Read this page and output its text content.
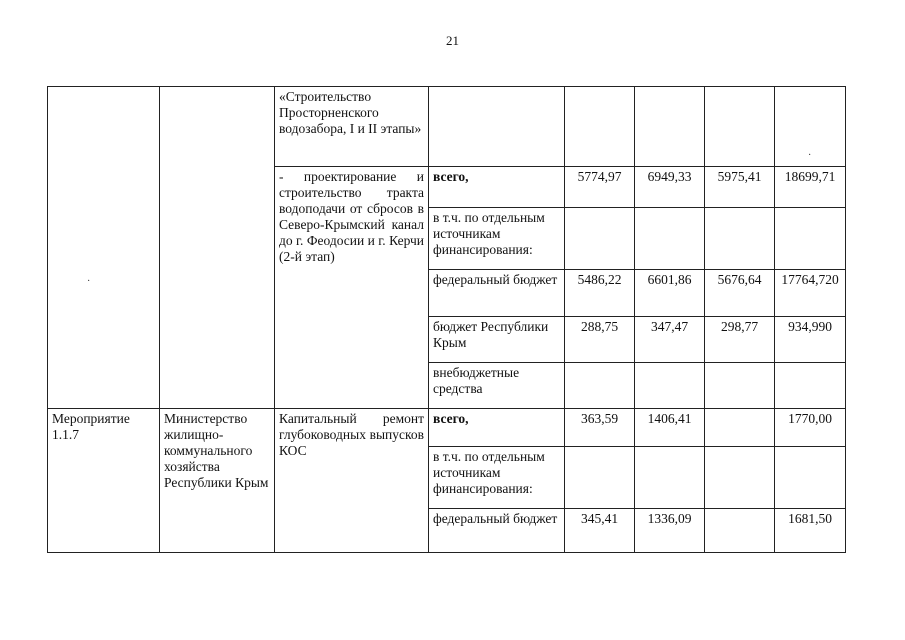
21
·
·
		«Строительство Просторненского водозабора, I и II этапы»					
		- проектирование и строительство тракта водоподачи от сбросов в Северо-Крымский канал до г. Феодосии и г. Керчи (2-й этап)	всего,	5774,97	6949,33	5975,41	18699,71
			в т.ч. по отдельным источникам финансирования:				
			федеральный бюджет	5486,22	6601,86	5676,64	17764,720
			бюджет Республики Крым	288,75	347,47	298,77	934,990
			внебюджетные средства				
Мероприятие 1.1.7	Министерство жилищно-коммунального хозяйства Республики Крым	Капитальный ремонт глубоководных выпусков КОС	всего,	363,59	1406,41		1770,00
			в т.ч. по отдельным источникам финансирования:				
			федеральный бюджет	345,41	1336,09		1681,50
